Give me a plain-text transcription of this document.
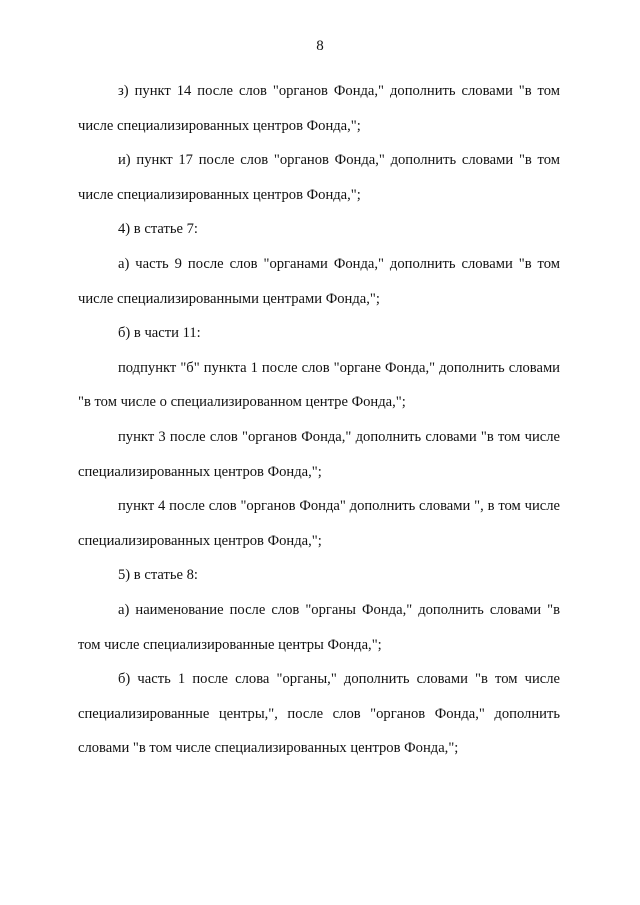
8

з) пункт 14 после слов "органов Фонда," дополнить словами "в том числе специализированных центров Фонда,";

и) пункт 17 после слов "органов Фонда," дополнить словами "в том числе специализированных центров Фонда,";

4) в статье 7:

а) часть 9 после слов "органами Фонда," дополнить словами "в том числе специализированными центрами Фонда,";

б) в части 11:

подпункт "б" пункта 1 после слов "органе Фонда," дополнить словами "в том числе о специализированном центре Фонда,";

пункт 3 после слов "органов Фонда," дополнить словами "в том числе специализированных центров Фонда,";

пункт 4 после слов "органов Фонда" дополнить словами ", в том числе специализированных центров Фонда,";

5) в статье 8:

а) наименование после слов "органы Фонда," дополнить словами "в том числе специализированные центры Фонда,";

б) часть 1 после слова "органы," дополнить словами "в том числе специализированные центры,", после слов "органов Фонда," дополнить словами "в том числе специализированных центров Фонда,";
